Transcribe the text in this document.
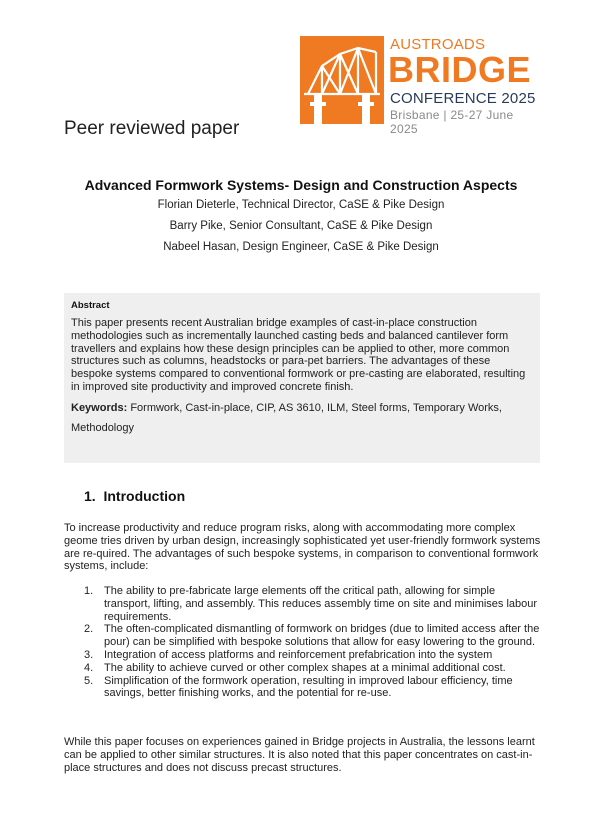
AUSTROADS
BRIDGE
CONFERENCE 2025
Brisbane | 25-27 June 2025
Peer reviewed paper
Advanced Formwork Systems- Design and Construction Aspects
Florian Dieterle, Technical Director, CaSE & Pike Design
Barry Pike, Senior Consultant, CaSE & Pike Design
Nabeel Hasan, Design Engineer, CaSE & Pike Design
Abstract
This paper presents recent Australian bridge examples of cast-in-place construction methodologies such as incrementally launched casting beds and balanced cantilever form travellers and explains how these design principles can be applied to other, more common structures such as columns, headstocks or para-pet barriers. The advantages of these bespoke systems compared to conventional formwork or pre-casting are elaborated, resulting in improved site productivity and improved concrete finish.
Keywords: Formwork, Cast-in-place, CIP, AS 3610, ILM, Steel forms, Temporary Works, Methodology
1. Introduction
To increase productivity and reduce program risks, along with accommodating more complex geome tries driven by urban design, increasingly sophisticated yet user-friendly formwork systems are re-quired. The advantages of such bespoke systems, in comparison to conventional formwork systems, include:
1. The ability to pre-fabricate large elements off the critical path, allowing for simple transport, lifting, and assembly. This reduces assembly time on site and minimises labour requirements.
2. The often-complicated dismantling of formwork on bridges (due to limited access after the pour) can be simplified with bespoke solutions that allow for easy lowering to the ground.
3. Integration of access platforms and reinforcement prefabrication into the system
4. The ability to achieve curved or other complex shapes at a minimal additional cost.
5. Simplification of the formwork operation, resulting in improved labour efficiency, time savings, better finishing works, and the potential for re-use.
While this paper focuses on experiences gained in Bridge projects in Australia, the lessons learnt can be applied to other similar structures. It is also noted that this paper concentrates on cast-in-place structures and does not discuss precast structures.
